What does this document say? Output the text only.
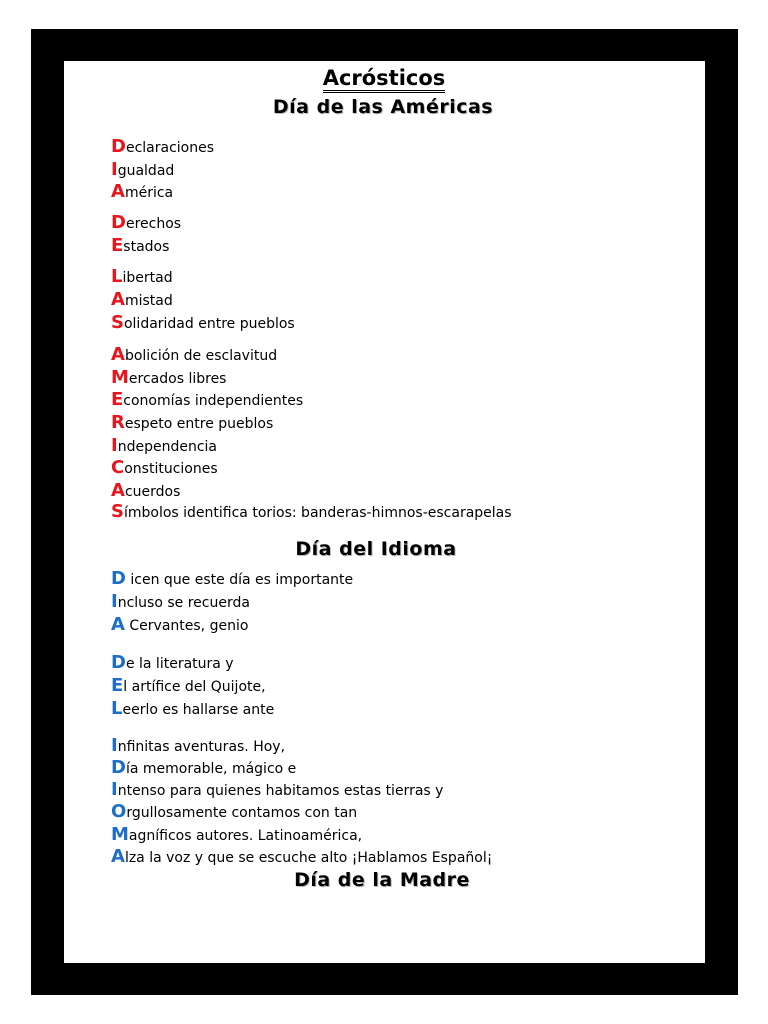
Acrósticos
Día de las Américas
Declaraciones
Igualdad
América
Derechos
Estados
Libertad
Amistad
Solidaridad entre pueblos
Abolición de esclavitud
Mercados libres
Economías independientes
Respeto entre pueblos
Independencia
Constituciones
Acuerdos
Símbolos identifica torios: banderas-himnos-escarapelas
Día del Idioma
D icen que este día es importante
Incluso se recuerda
A Cervantes, genio
De la literatura y
El artífice del Quijote,
Leerlo es hallarse ante
Infinitas aventuras. Hoy,
Día memorable, mágico e
Intenso para quienes habitamos estas tierras y
Orgullosamente contamos con tan
Magníficos autores. Latinoamérica,
Alza la voz y que se escuche alto ¡Hablamos Español¡
Día de la Madre
